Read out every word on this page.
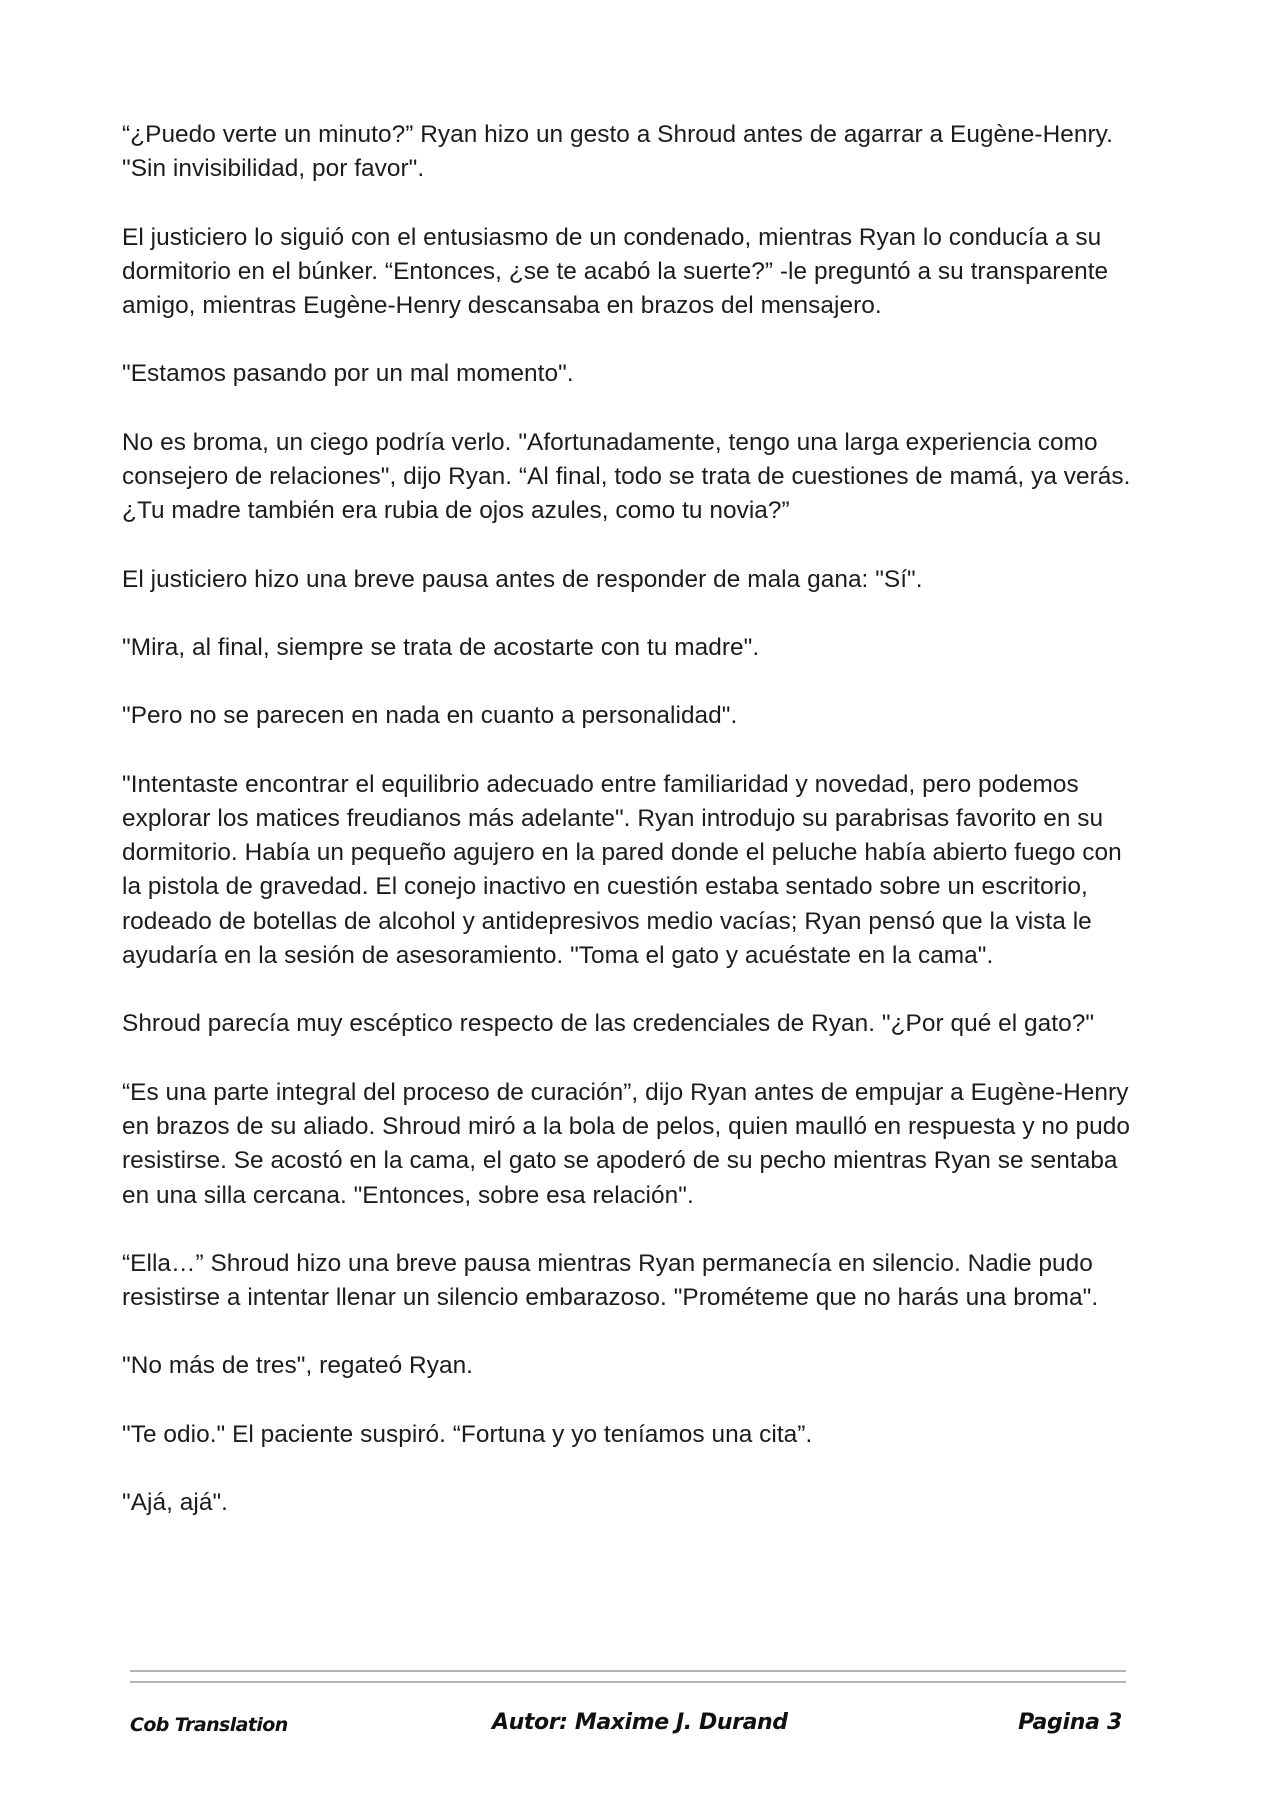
“¿Puedo verte un minuto?” Ryan hizo un gesto a Shroud antes de agarrar a Eugène-Henry. "Sin invisibilidad, por favor".

El justiciero lo siguió con el entusiasmo de un condenado, mientras Ryan lo conducía a su dormitorio en el búnker. “Entonces, ¿se te acabó la suerte?” -le preguntó a su transparente amigo, mientras Eugène-Henry descansaba en brazos del mensajero.

"Estamos pasando por un mal momento".

No es broma, un ciego podría verlo. "Afortunadamente, tengo una larga experiencia como consejero de relaciones", dijo Ryan. “Al final, todo se trata de cuestiones de mamá, ya verás. ¿Tu madre también era rubia de ojos azules, como tu novia?”

El justiciero hizo una breve pausa antes de responder de mala gana: "Sí".

"Mira, al final, siempre se trata de acostarte con tu madre".

"Pero no se parecen en nada en cuanto a personalidad".

"Intentaste encontrar el equilibrio adecuado entre familiaridad y novedad, pero podemos explorar los matices freudianos más adelante". Ryan introdujo su parabrisas favorito en su dormitorio. Había un pequeño agujero en la pared donde el peluche había abierto fuego con la pistola de gravedad. El conejo inactivo en cuestión estaba sentado sobre un escritorio, rodeado de botellas de alcohol y antidepresivos medio vacías; Ryan pensó que la vista le ayudaría en la sesión de asesoramiento. "Toma el gato y acuéstate en la cama".

Shroud parecía muy escéptico respecto de las credenciales de Ryan. "¿Por qué el gato?"

“Es una parte integral del proceso de curación”, dijo Ryan antes de empujar a Eugène-Henry en brazos de su aliado. Shroud miró a la bola de pelos, quien maulló en respuesta y no pudo resistirse. Se acostó en la cama, el gato se apoderó de su pecho mientras Ryan se sentaba en una silla cercana. "Entonces, sobre esa relación".

“Ella…” Shroud hizo una breve pausa mientras Ryan permanecía en silencio. Nadie pudo resistirse a intentar llenar un silencio embarazoso. "Prométeme que no harás una broma".

"No más de tres", regateó Ryan.

"Te odio." El paciente suspiró. “Fortuna y yo teníamos una cita”.

"Ajá, ajá".

Cob Translation	Autor: Maxime J. Durand	Pagina 3
